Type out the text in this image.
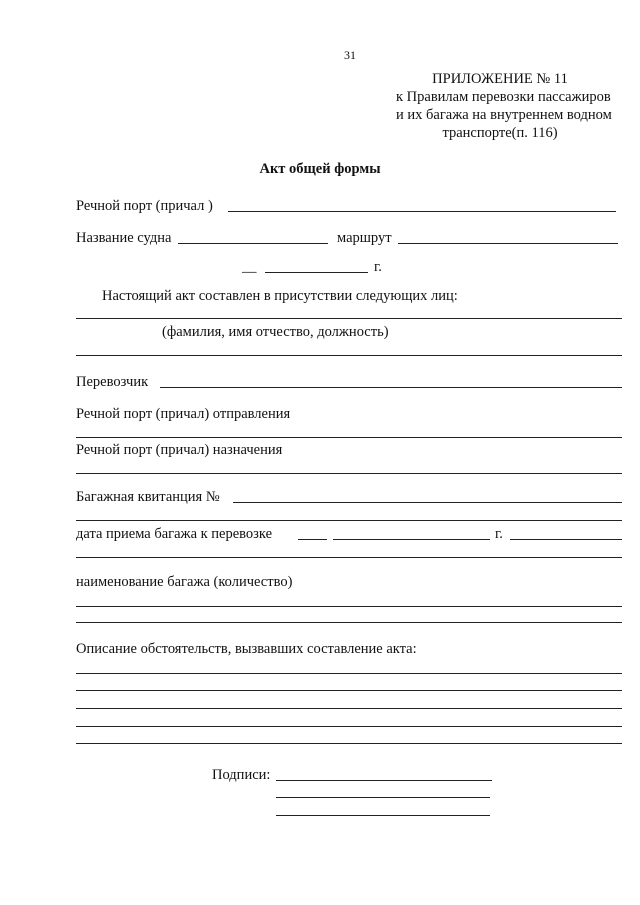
31
ПРИЛОЖЕНИЕ № 11
к Правилам перевозки пассажиров
и их багажа на внутреннем водном
транспорте(п. 116)
Акт общей формы
Речной порт (причал )
Название судна	маршрут
__	г.
Настоящий акт составлен в присутствии следующих лиц:
(фамилия, имя отчество, должность)
Перевозчик
Речной порт (причал) отправления
Речной порт (причал) назначения
Багажная квитанция №
дата приема багажа к перевозке	г.
наименование багажа (количество)
Описание обстоятельств, вызвавших составление акта:
Подписи:
